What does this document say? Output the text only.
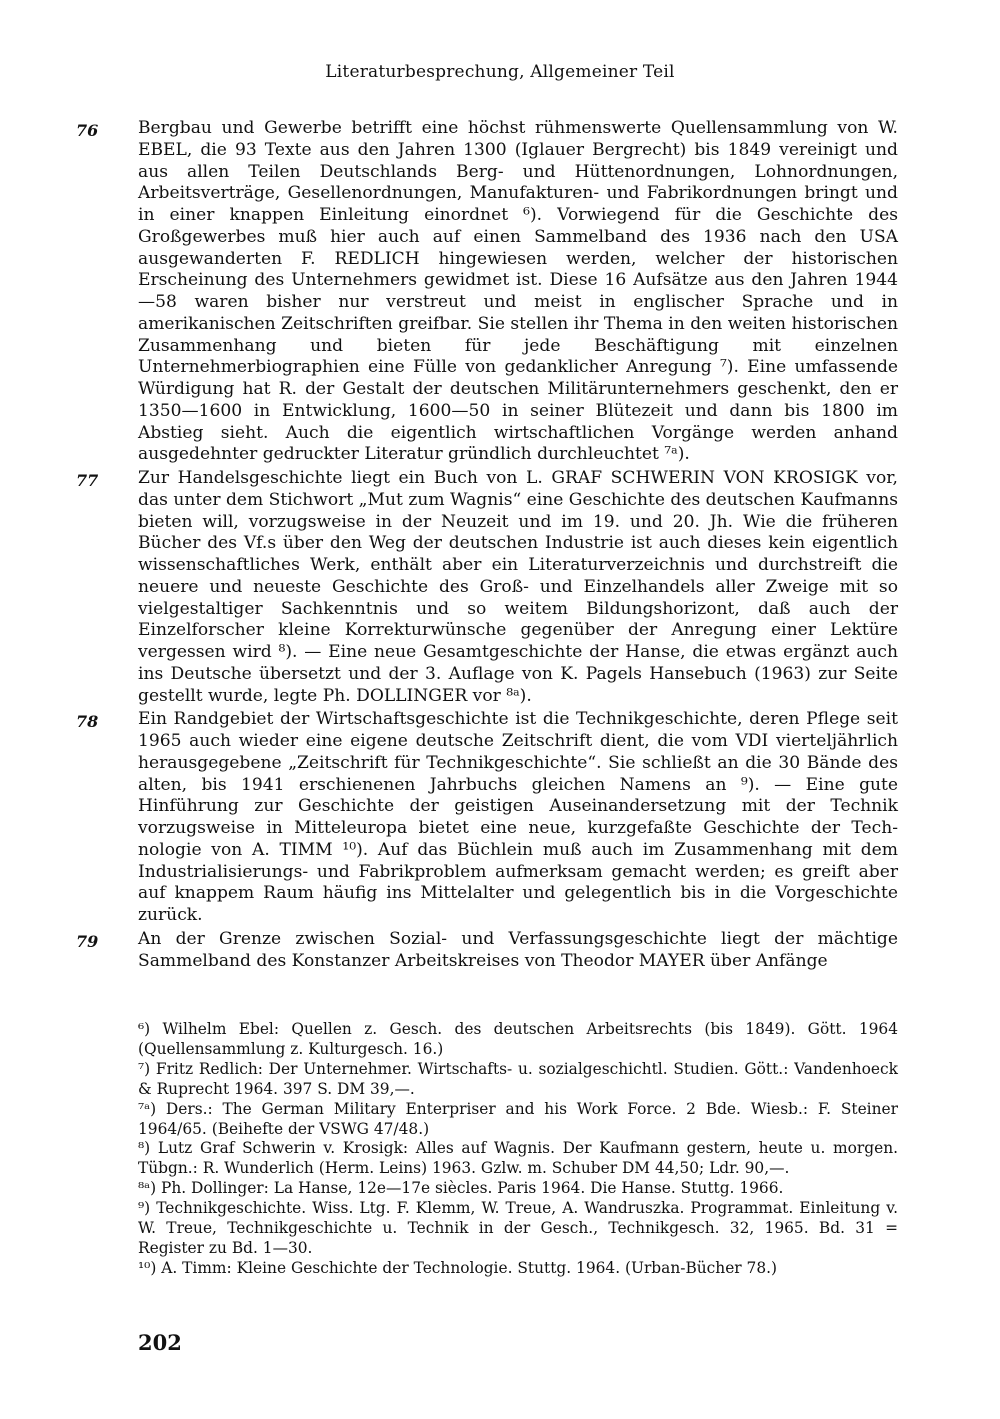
Literaturbesprechung, Allgemeiner Teil
76 Bergbau und Gewerbe betrifft eine höchst rühmenswerte Quellensammlung von W. EBEL, die 93 Texte aus den Jahren 1300 (Iglauer Bergrecht) bis 1849 vereinigt und aus allen Teilen Deutschlands Berg- und Hüttenordnungen, Lohnordnungen, Arbeitsverträge, Gesellenordnungen, Manufakturen- und Fabrikordnungen bringt und in einer knappen Einleitung einordnet ⁶). Vorwiegend für die Geschichte des Großgewerbes muß hier auch auf einen Sammelband des 1936 nach den USA ausgewanderten F. REDLICH hingewiesen werden, welcher der historischen Erscheinung des Unternehmers gewidmet ist. Diese 16 Aufsätze aus den Jahren 1944—58 waren bisher nur verstreut und meist in englischer Sprache und in amerikanischen Zeitschriften greifbar. Sie stellen ihr Thema in den weiten historischen Zusammenhang und bieten für jede Beschäftigung mit einzelnen Unternehmerbiographien eine Fülle von gedanklicher Anregung ⁷). Eine umfassende Würdigung hat R. der Gestalt der deutschen Militärunternehmers geschenkt, den er 1350—1600 in Entwicklung, 1600—50 in seiner Blütezeit und dann bis 1800 im Abstieg sieht. Auch die eigentlich wirtschaftlichen Vorgänge werden anhand ausgedehnter gedruckter Literatur gründlich durchleuchtet ⁷ᵃ).
77 Zur Handelsgeschichte liegt ein Buch von L. GRAF SCHWERIN VON KROSIGK vor, das unter dem Stichwort „Mut zum Wagnis“ eine Geschichte des deutschen Kaufmanns bieten will, vorzugsweise in der Neuzeit und im 19. und 20. Jh. Wie die früheren Bücher des Vf.s über den Weg der deutschen Industrie ist auch dieses kein eigentlich wissenschaftliches Werk, enthält aber ein Literaturverzeichnis und durchstreift die neuere und neueste Geschichte des Groß- und Einzelhandels aller Zweige mit so vielgestaltiger Sachkenntnis und so weitem Bildungshorizont, daß auch der Einzelforscher kleine Korrekturwünsche gegenüber der Anregung einer Lektüre vergessen wird ⁸). — Eine neue Gesamtgeschichte der Hanse, die etwas ergänzt auch ins Deutsche übersetzt und der 3. Auflage von K. Pagels Hansebuch (1963) zur Seite gestellt wurde, legte Ph. DOLLINGER vor ⁸ᵃ).
78 Ein Randgebiet der Wirtschaftsgeschichte ist die Technikgeschichte, deren Pflege seit 1965 auch wieder eine eigene deutsche Zeitschrift dient, die vom VDI vierteljährlich herausgegebene „Zeitschrift für Technikgeschichte“. Sie schließt an die 30 Bände des alten, bis 1941 erschienenen Jahrbuchs gleichen Namens an ⁹). — Eine gute Hinführung zur Geschichte der geistigen Auseinandersetzung mit der Technik vorzugsweise in Mitteleuropa bietet eine neue, kurzgefaßte Geschichte der Technologie von A. TIMM ¹⁰). Auf das Büchlein muß auch im Zusammenhang mit dem Industrialisierungs- und Fabrikproblem aufmerksam gemacht werden; es greift aber auf knappem Raum häufig ins Mittelalter und gelegentlich bis in die Vorgeschichte zurück.
79 An der Grenze zwischen Sozial- und Verfassungsgeschichte liegt der mächtige Sammelband des Konstanzer Arbeitskreises von Theodor MAYER über Anfänge
⁶) Wilhelm Ebel: Quellen z. Gesch. des deutschen Arbeitsrechts (bis 1849). Gött. 1964 (Quellensammlung z. Kulturgesch. 16.)
⁷) Fritz Redlich: Der Unternehmer. Wirtschafts- u. sozialgeschichtl. Studien. Gött.: Vandenhoeck & Ruprecht 1964. 397 S. DM 39,—.
⁷ᵃ) Ders.: The German Military Enterpriser and his Work Force. 2 Bde. Wiesb.: F. Steiner 1964/65. (Beihefte der VSWG 47/48.)
⁸) Lutz Graf Schwerin v. Krosigk: Alles auf Wagnis. Der Kaufmann gestern, heute u. morgen. Tübgn.: R. Wunderlich (Herm. Leins) 1963. Gzlw. m. Schuber DM 44,50; Ldr. 90,—.
⁸ᵃ) Ph. Dollinger: La Hanse, 12e—17e siècles. Paris 1964. Die Hanse. Stuttg. 1966.
⁹) Technikgeschichte. Wiss. Ltg. F. Klemm, W. Treue, A. Wandruszka. Programmat. Einleitung v. W. Treue, Technikgeschichte u. Technik in der Gesch., Technikgesch. 32, 1965. Bd. 31 = Register zu Bd. 1—30.
¹⁰) A. Timm: Kleine Geschichte der Technologie. Stuttg. 1964. (Urban-Bücher 78.)
202
